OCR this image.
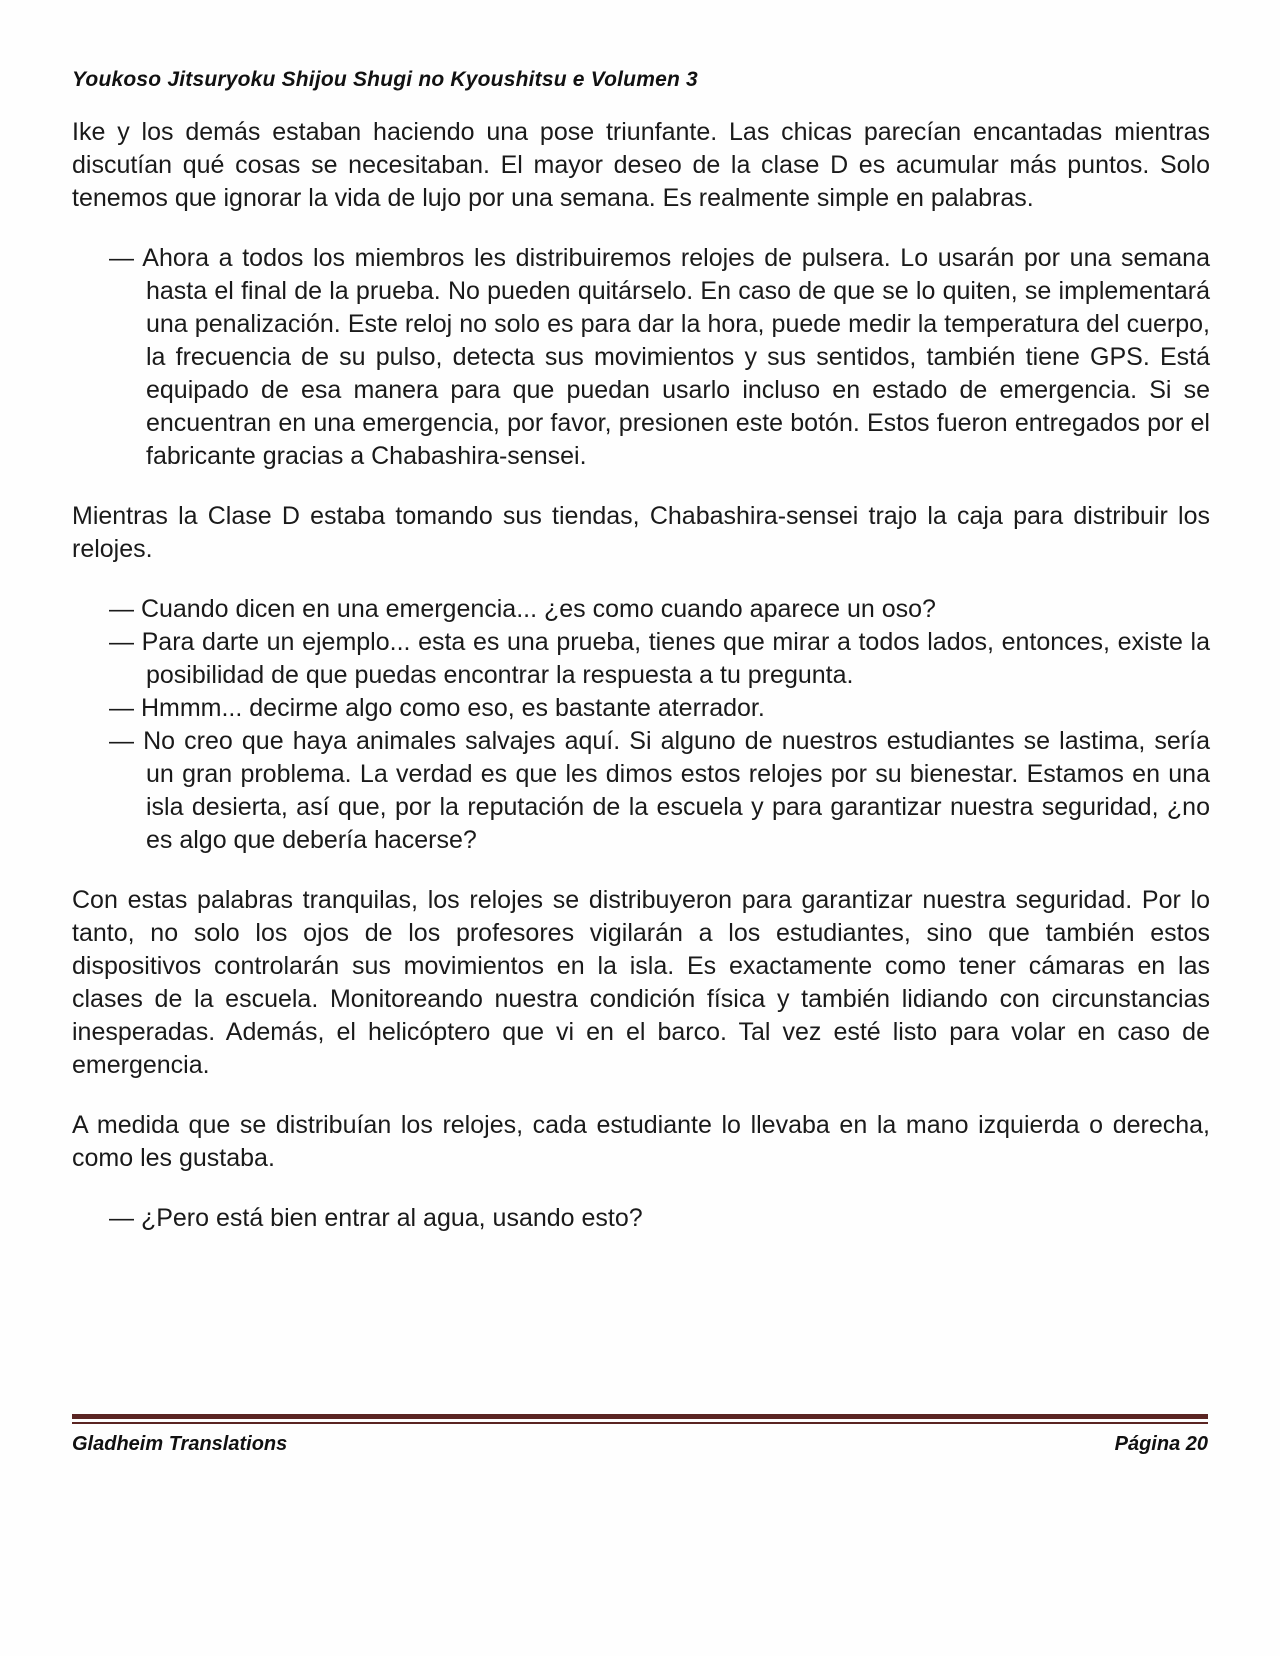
Youkoso Jitsuryoku Shijou Shugi no Kyoushitsu e Volumen 3

Ike y los demás estaban haciendo una pose triunfante. Las chicas parecían encantadas mientras discutían qué cosas se necesitaban. El mayor deseo de la clase D es acumular más puntos. Solo tenemos que ignorar la vida de lujo por una semana. Es realmente simple en palabras.

— Ahora a todos los miembros les distribuiremos relojes de pulsera. Lo usarán por una semana hasta el final de la prueba. No pueden quitárselo. En caso de que se lo quiten, se implementará una penalización. Este reloj no solo es para dar la hora, puede medir la temperatura del cuerpo, la frecuencia de su pulso, detecta sus movimientos y sus sentidos, también tiene GPS. Está equipado de esa manera para que puedan usarlo incluso en estado de emergencia. Si se encuentran en una emergencia, por favor, presionen este botón. Estos fueron entregados por el fabricante gracias a Chabashira-sensei.

Mientras la Clase D estaba tomando sus tiendas, Chabashira-sensei trajo la caja para distribuir los relojes.

— Cuando dicen en una emergencia... ¿es como cuando aparece un oso?

— Para darte un ejemplo... esta es una prueba, tienes que mirar a todos lados, entonces, existe la posibilidad de que puedas encontrar la respuesta a tu pregunta.

— Hmmm... decirme algo como eso, es bastante aterrador.

— No creo que haya animales salvajes aquí. Si alguno de nuestros estudiantes se lastima, sería un gran problema. La verdad es que les dimos estos relojes por su bienestar. Estamos en una isla desierta, así que, por la reputación de la escuela y para garantizar nuestra seguridad, ¿no es algo que debería hacerse?

Con estas palabras tranquilas, los relojes se distribuyeron para garantizar nuestra seguridad. Por lo tanto, no solo los ojos de los profesores vigilarán a los estudiantes, sino que también estos dispositivos controlarán sus movimientos en la isla. Es exactamente como tener cámaras en las clases de la escuela. Monitoreando nuestra condición física y también lidiando con circunstancias inesperadas. Además, el helicóptero que vi en el barco. Tal vez esté listo para volar en caso de emergencia.

A medida que se distribuían los relojes, cada estudiante lo llevaba en la mano izquierda o derecha, como les gustaba.

— ¿Pero está bien entrar al agua, usando esto?

Gladheim Translations	Página 20
